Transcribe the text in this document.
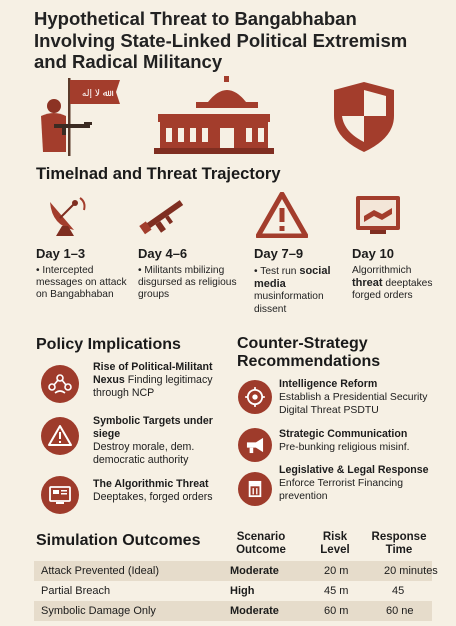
Hypothetical Threat to Bangabhaban
Involving State-Linked Political Extremism
and Radical Militancy
ﷲ لا إله
Timelnad and Threat Trajectory
Day 1–3	Day 4–6	Day 7–9	Day 10
• Intercepted messages on attack on Bangabhaban
• Militants mbilizing disgursed as religious groups
• Test run social media musinformation dissent
Algorrithmich threat deeptakes forged orders
Policy Implications
Rise of Political-Militant Nexus Finding legitimacy through NCP
Symbolic Targets under siege
Destroy morale, dem. democratic authority
The Algorithmic Threat
Deeptakes, forged orders
Counter-Strategy
Recommendations
Intelligence Reform
Establish a Presidential Security Digital Threat PSDTU
Strategic Communication
Pre-bunking religious misinf.
Legislative & Legal Response
Enforce Terrorist Financing prevention
Simulation Outcomes	Scenario Outcome
Risk Level
Response Time
Attack Prevented (Ideal)	Moderate	20 m	20 minutes
Partial Breach	High	45 m	45
Symbolic Damage Only	Moderate	60 m	60 ne
